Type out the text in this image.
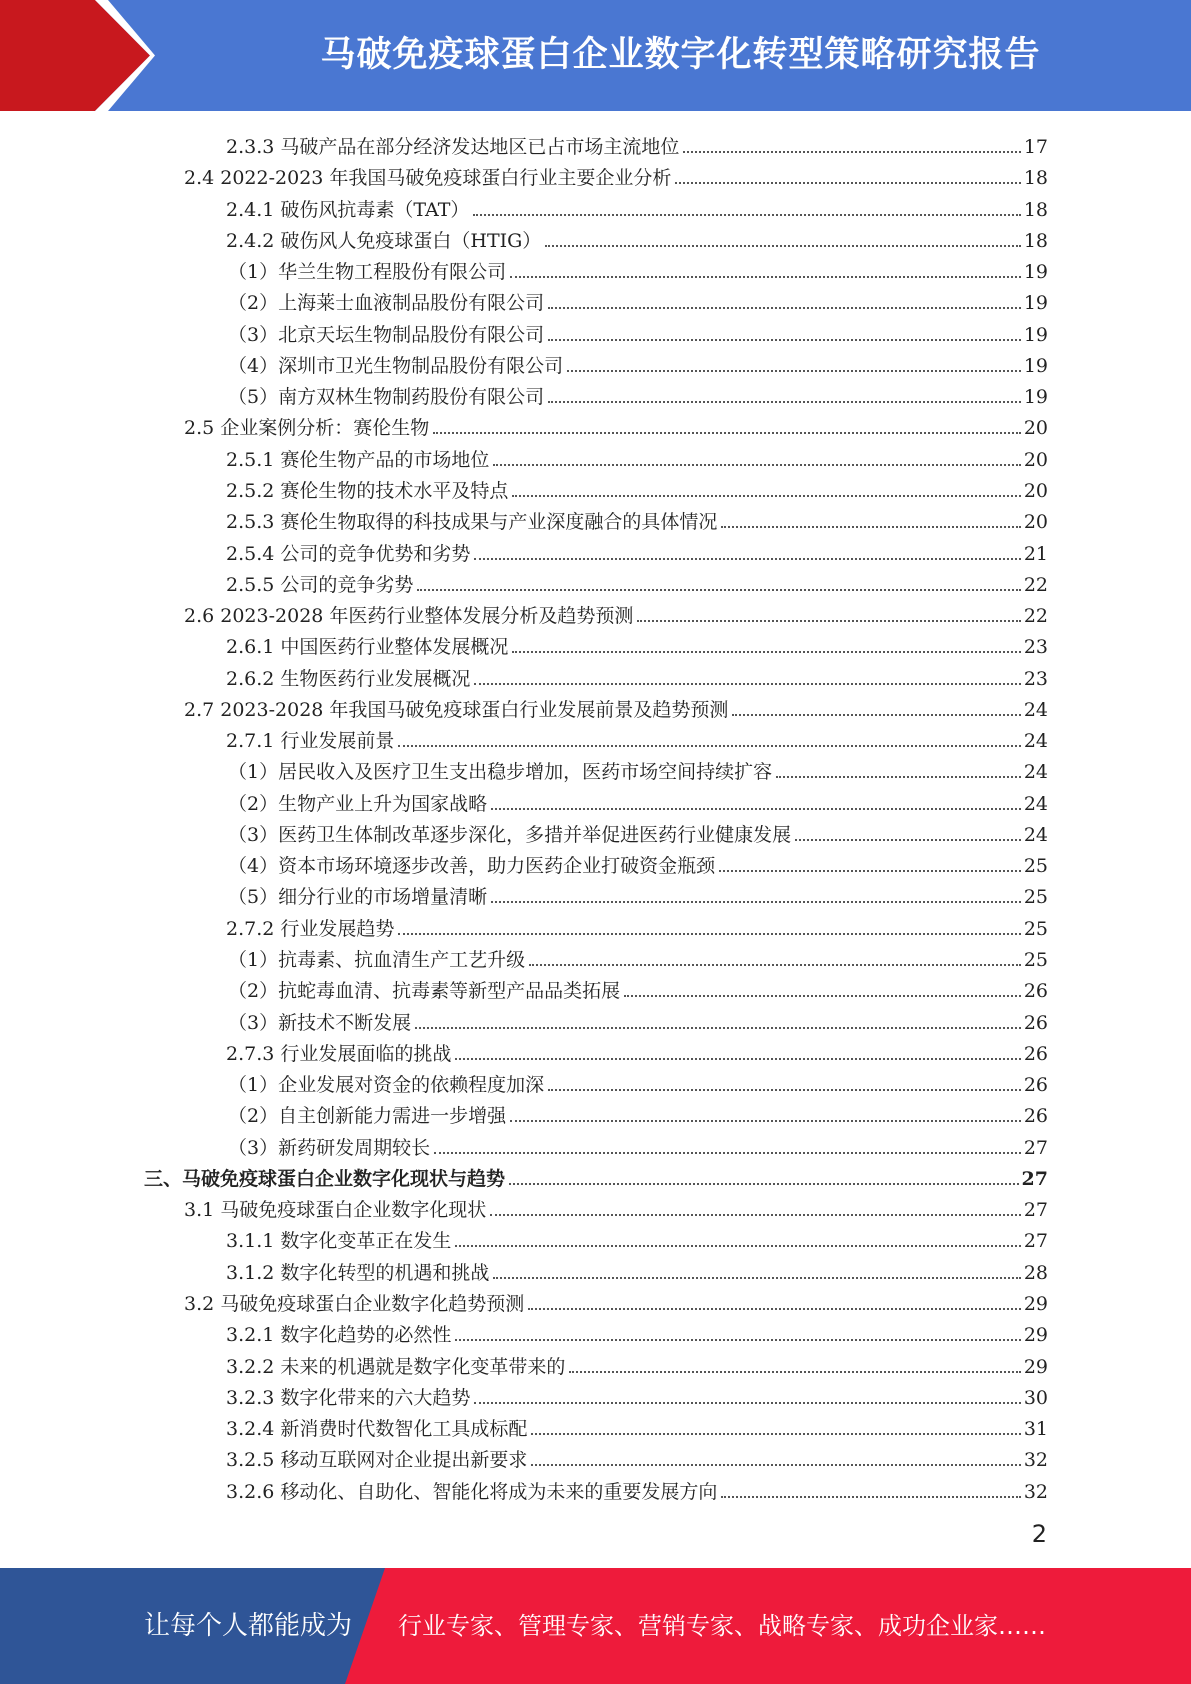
马破免疫球蛋白企业数字化转型策略研究报告
2.3.3 马破产品在部分经济发达地区已占市场主流地位	17
2.4 2022-2023 年我国马破免疫球蛋白行业主要企业分析	18
2.4.1 破伤风抗毒素（TAT）	18
2.4.2 破伤风人免疫球蛋白（HTIG）	18
（1）华兰生物工程股份有限公司	19
（2）上海莱士血液制品股份有限公司	19
（3）北京天坛生物制品股份有限公司	19
（4）深圳市卫光生物制品股份有限公司	19
（5）南方双林生物制药股份有限公司	19
2.5 企业案例分析：赛伦生物	20
2.5.1 赛伦生物产品的市场地位	20
2.5.2 赛伦生物的技术水平及特点	20
2.5.3 赛伦生物取得的科技成果与产业深度融合的具体情况	20
2.5.4 公司的竞争优势和劣势	21
2.5.5 公司的竞争劣势	22
2.6 2023-2028 年医药行业整体发展分析及趋势预测	22
2.6.1 中国医药行业整体发展概况	23
2.6.2 生物医药行业发展概况	23
2.7 2023-2028 年我国马破免疫球蛋白行业发展前景及趋势预测	24
2.7.1 行业发展前景	24
（1）居民收入及医疗卫生支出稳步增加，医药市场空间持续扩容	24
（2）生物产业上升为国家战略	24
（3）医药卫生体制改革逐步深化，多措并举促进医药行业健康发展	24
（4）资本市场环境逐步改善，助力医药企业打破资金瓶颈	25
（5）细分行业的市场增量清晰	25
2.7.2 行业发展趋势	25
（1）抗毒素、抗血清生产工艺升级	25
（2）抗蛇毒血清、抗毒素等新型产品品类拓展	26
（3）新技术不断发展	26
2.7.3 行业发展面临的挑战	26
（1）企业发展对资金的依赖程度加深	26
（2）自主创新能力需进一步增强	26
（3）新药研发周期较长	27
三、马破免疫球蛋白企业数字化现状与趋势	27
3.1 马破免疫球蛋白企业数字化现状	27
3.1.1 数字化变革正在发生	27
3.1.2 数字化转型的机遇和挑战	28
3.2 马破免疫球蛋白企业数字化趋势预测	29
3.2.1 数字化趋势的必然性	29
3.2.2 未来的机遇就是数字化变革带来的	29
3.2.3 数字化带来的六大趋势	30
3.2.4 新消费时代数智化工具成标配	31
3.2.5 移动互联网对企业提出新要求	32
3.2.6 移动化、自助化、智能化将成为未来的重要发展方向	32
2
让每个人都能成为 行业专家、管理专家、营销专家、战略专家、成功企业家……
